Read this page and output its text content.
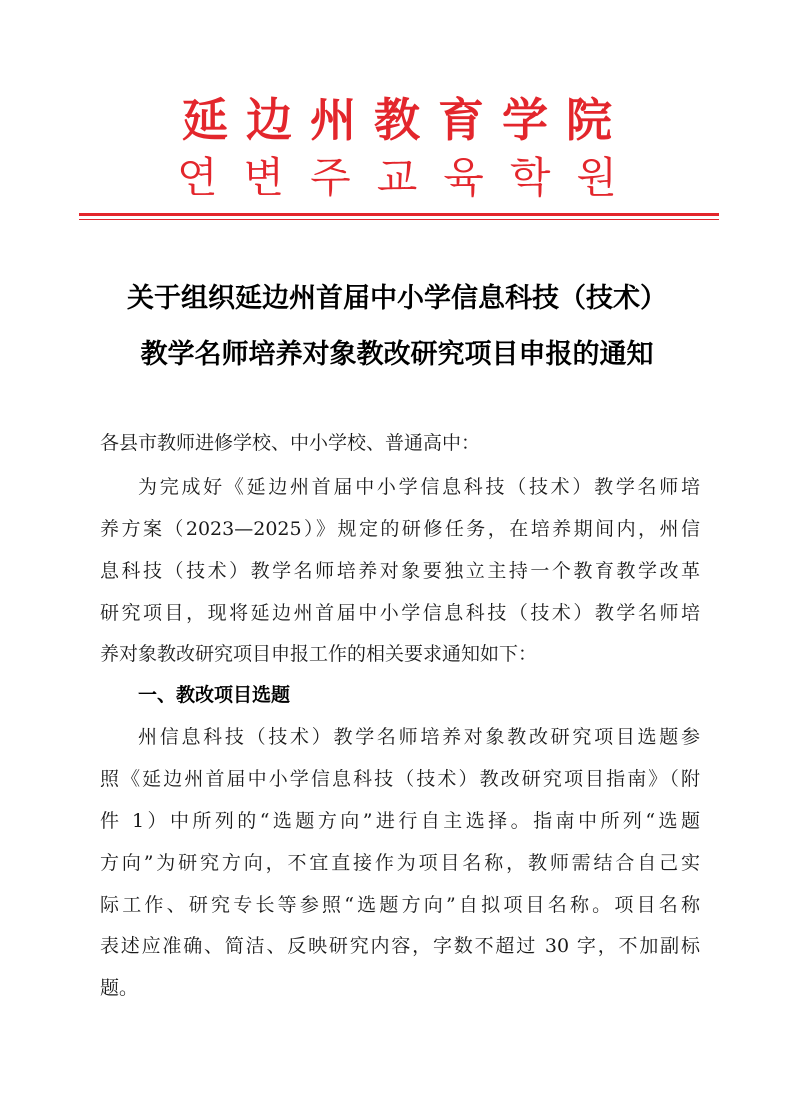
延边州教育学院
연변주교육학원
关于组织延边州首届中小学信息科技（技术）
教学名师培养对象教改研究项目申报的通知
各县市教师进修学校、中小学校、普通高中：
为完成好《延边州首届中小学信息科技（技术）教学名师培
养方案（2023—2025）》规定的研修任务，在培养期间内，州信
息科技（技术）教学名师培养对象要独立主持一个教育教学改革
研究项目，现将延边州首届中小学信息科技（技术）教学名师培
养对象教改研究项目申报工作的相关要求通知如下：
一、教改项目选题
州信息科技（技术）教学名师培养对象教改研究项目选题参
照《延边州首届中小学信息科技（技术）教改研究项目指南》（附
件 1）中所列的“选题方向”进行自主选择。指南中所列“选题
方向”为研究方向，不宜直接作为项目名称，教师需结合自己实
际工作、研究专长等参照“选题方向”自拟项目名称。项目名称
表述应准确、简洁、反映研究内容，字数不超过 30 字，不加副标
题。
